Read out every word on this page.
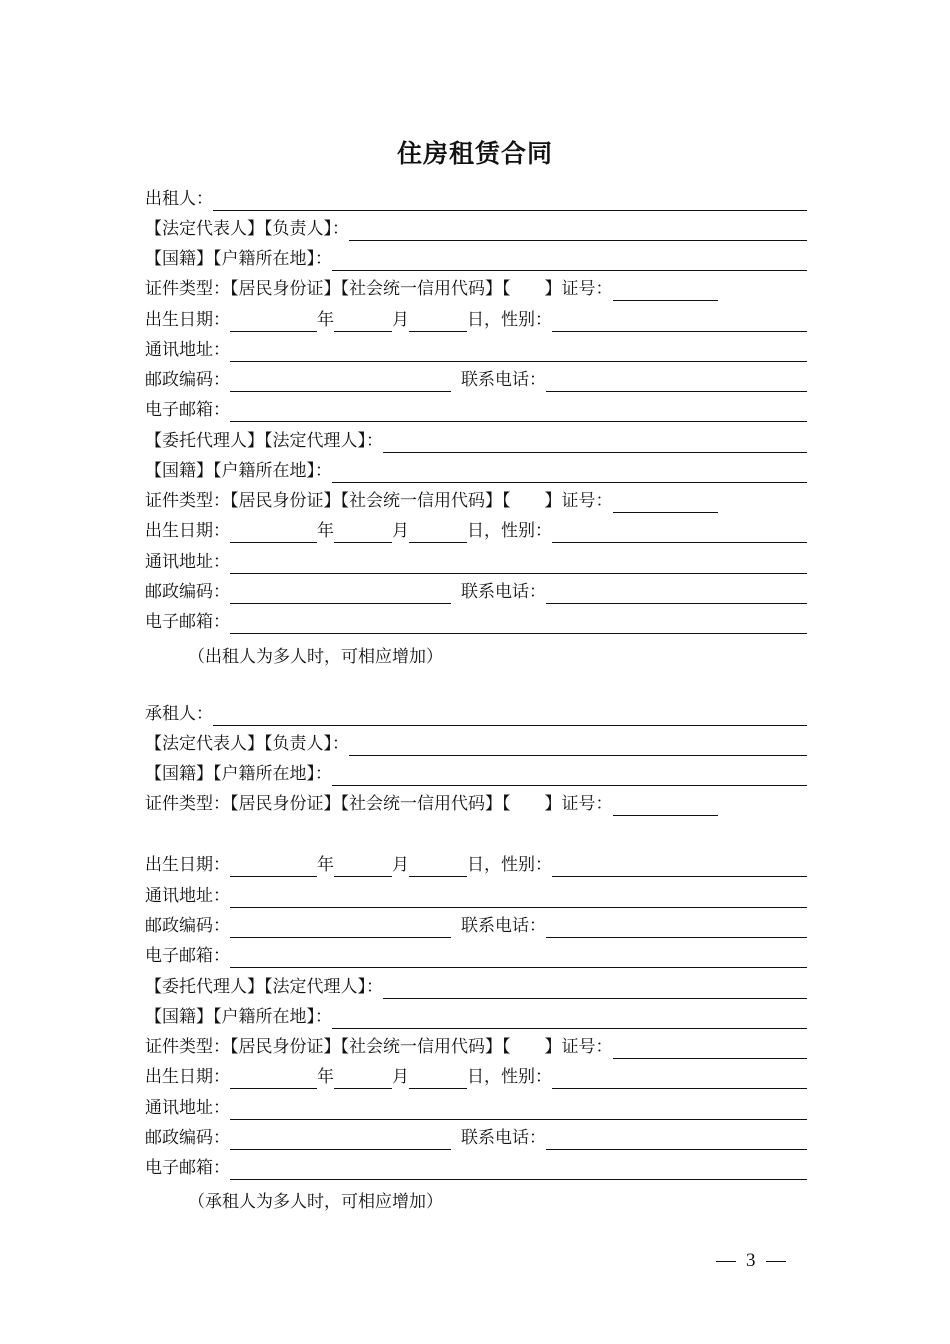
住房租赁合同
出租人：
【法定代表人】【负责人】：
【国籍】【户籍所在地】：
证件类型：【居民身份证】【社会统一信用代码】【　　】证号：
出生日期：	年	月	日，性别：
通讯地址：
邮政编码：	联系电话：
电子邮箱：
【委托代理人】【法定代理人】：
【国籍】【户籍所在地】：
证件类型：【居民身份证】【社会统一信用代码】【　　】证号：
出生日期：	年	月	日，性别：
通讯地址：
邮政编码：	联系电话：
电子邮箱：
（出租人为多人时，可相应增加）
承租人：
【法定代表人】【负责人】：
【国籍】【户籍所在地】：
证件类型：【居民身份证】【社会统一信用代码】【　　】证号：
出生日期：	年	月	日，性别：
通讯地址：
邮政编码：	联系电话：
电子邮箱：
【委托代理人】【法定代理人】：
【国籍】【户籍所在地】：
证件类型：【居民身份证】【社会统一信用代码】【　　】证号：
出生日期：	年	月	日，性别：
通讯地址：
邮政编码：	联系电话：
电子邮箱：
（承租人为多人时，可相应增加）
3
